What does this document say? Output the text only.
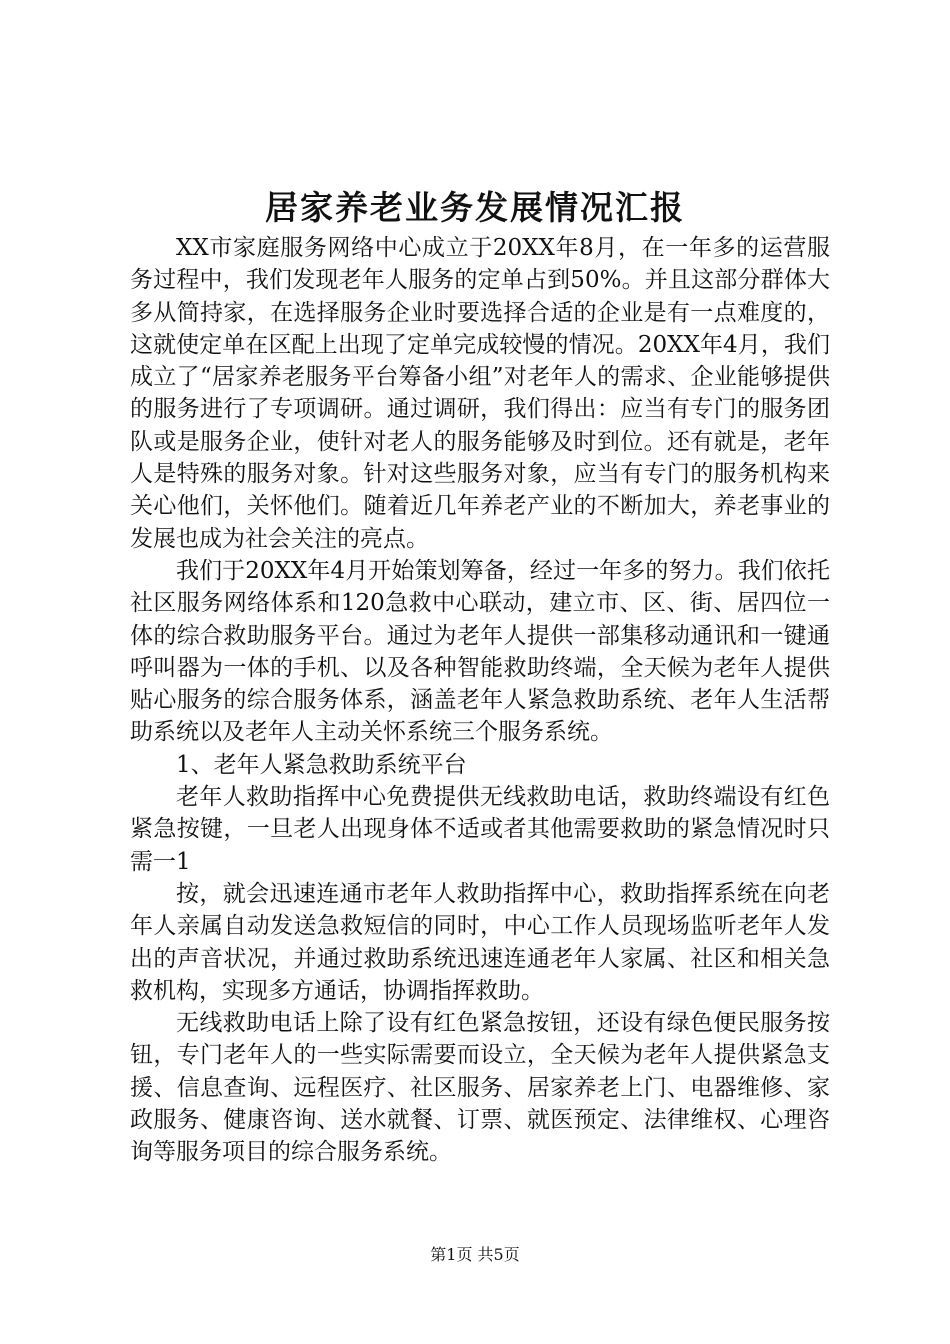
居家养老业务发展情况汇报

XX市家庭服务网络中心成立于20XX年8月，在一年多的运营服务过程中，我们发现老年人服务的定单占到50%。并且这部分群体大多从简持家，在选择服务企业时要选择合适的企业是有一点难度的，这就使定单在区配上出现了定单完成较慢的情况。20XX年4月，我们成立了“居家养老服务平台筹备小组”对老年人的需求、企业能够提供的服务进行了专项调研。通过调研，我们得出：应当有专门的服务团队或是服务企业，使针对老人的服务能够及时到位。还有就是，老年人是特殊的服务对象。针对这些服务对象，应当有专门的服务机构来关心他们，关怀他们。随着近几年养老产业的不断加大，养老事业的发展也成为社会关注的亮点。

我们于20XX年4月开始策划筹备，经过一年多的努力。我们依托社区服务网络体系和120急救中心联动，建立市、区、街、居四位一体的综合救助服务平台。通过为老年人提供一部集移动通讯和一键通呼叫器为一体的手机、以及各种智能救助终端，全天候为老年人提供贴心服务的综合服务体系，涵盖老年人紧急救助系统、老年人生活帮助系统以及老年人主动关怀系统三个服务系统。

1、老年人紧急救助系统平台

老年人救助指挥中心免费提供无线救助电话，救助终端设有红色紧急按键，一旦老人出现身体不适或者其他需要救助的紧急情况时只需一1

按，就会迅速连通市老年人救助指挥中心，救助指挥系统在向老年人亲属自动发送急救短信的同时，中心工作人员现场监听老年人发出的声音状况，并通过救助系统迅速连通老年人家属、社区和相关急救机构，实现多方通话，协调指挥救助。

无线救助电话上除了设有红色紧急按钮，还设有绿色便民服务按钮，专门老年人的一些实际需要而设立，全天候为老年人提供紧急支援、信息查询、远程医疗、社区服务、居家养老上门、电器维修、家政服务、健康咨询、送水就餐、订票、就医预定、法律维权、心理咨询等服务项目的综合服务系统。

第1页 共5页
